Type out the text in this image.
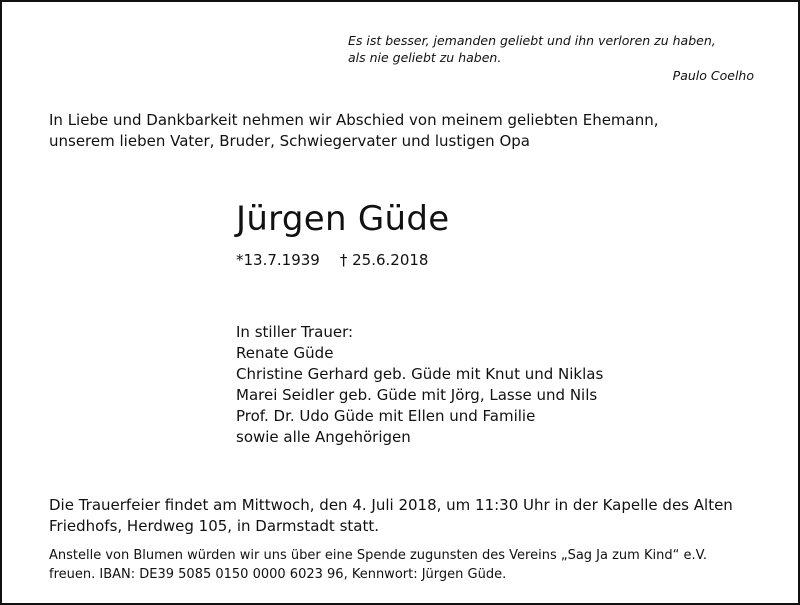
Es ist besser, jemanden geliebt und ihn verloren zu haben,
als nie geliebt zu haben.
Paulo Coelho
In Liebe und Dankbarkeit nehmen wir Abschied von meinem geliebten Ehemann,
unserem lieben Vater, Bruder, Schwiegervater und lustigen Opa
Jürgen Güde
*13.7.1939 † 25.6.2018
In stiller Trauer:
Renate Güde
Christine Gerhard geb. Güde mit Knut und Niklas
Marei Seidler geb. Güde mit Jörg, Lasse und Nils
Prof. Dr. Udo Güde mit Ellen und Familie
sowie alle Angehörigen
Die Trauerfeier findet am Mittwoch, den 4. Juli 2018, um 11:30 Uhr in der Kapelle des Alten
Friedhofs, Herdweg 105, in Darmstadt statt.
Anstelle von Blumen würden wir uns über eine Spende zugunsten des Vereins „Sag Ja zum Kind“ e.V.
freuen. IBAN: DE39 5085 0150 0000 6023 96, Kennwort: Jürgen Güde.
